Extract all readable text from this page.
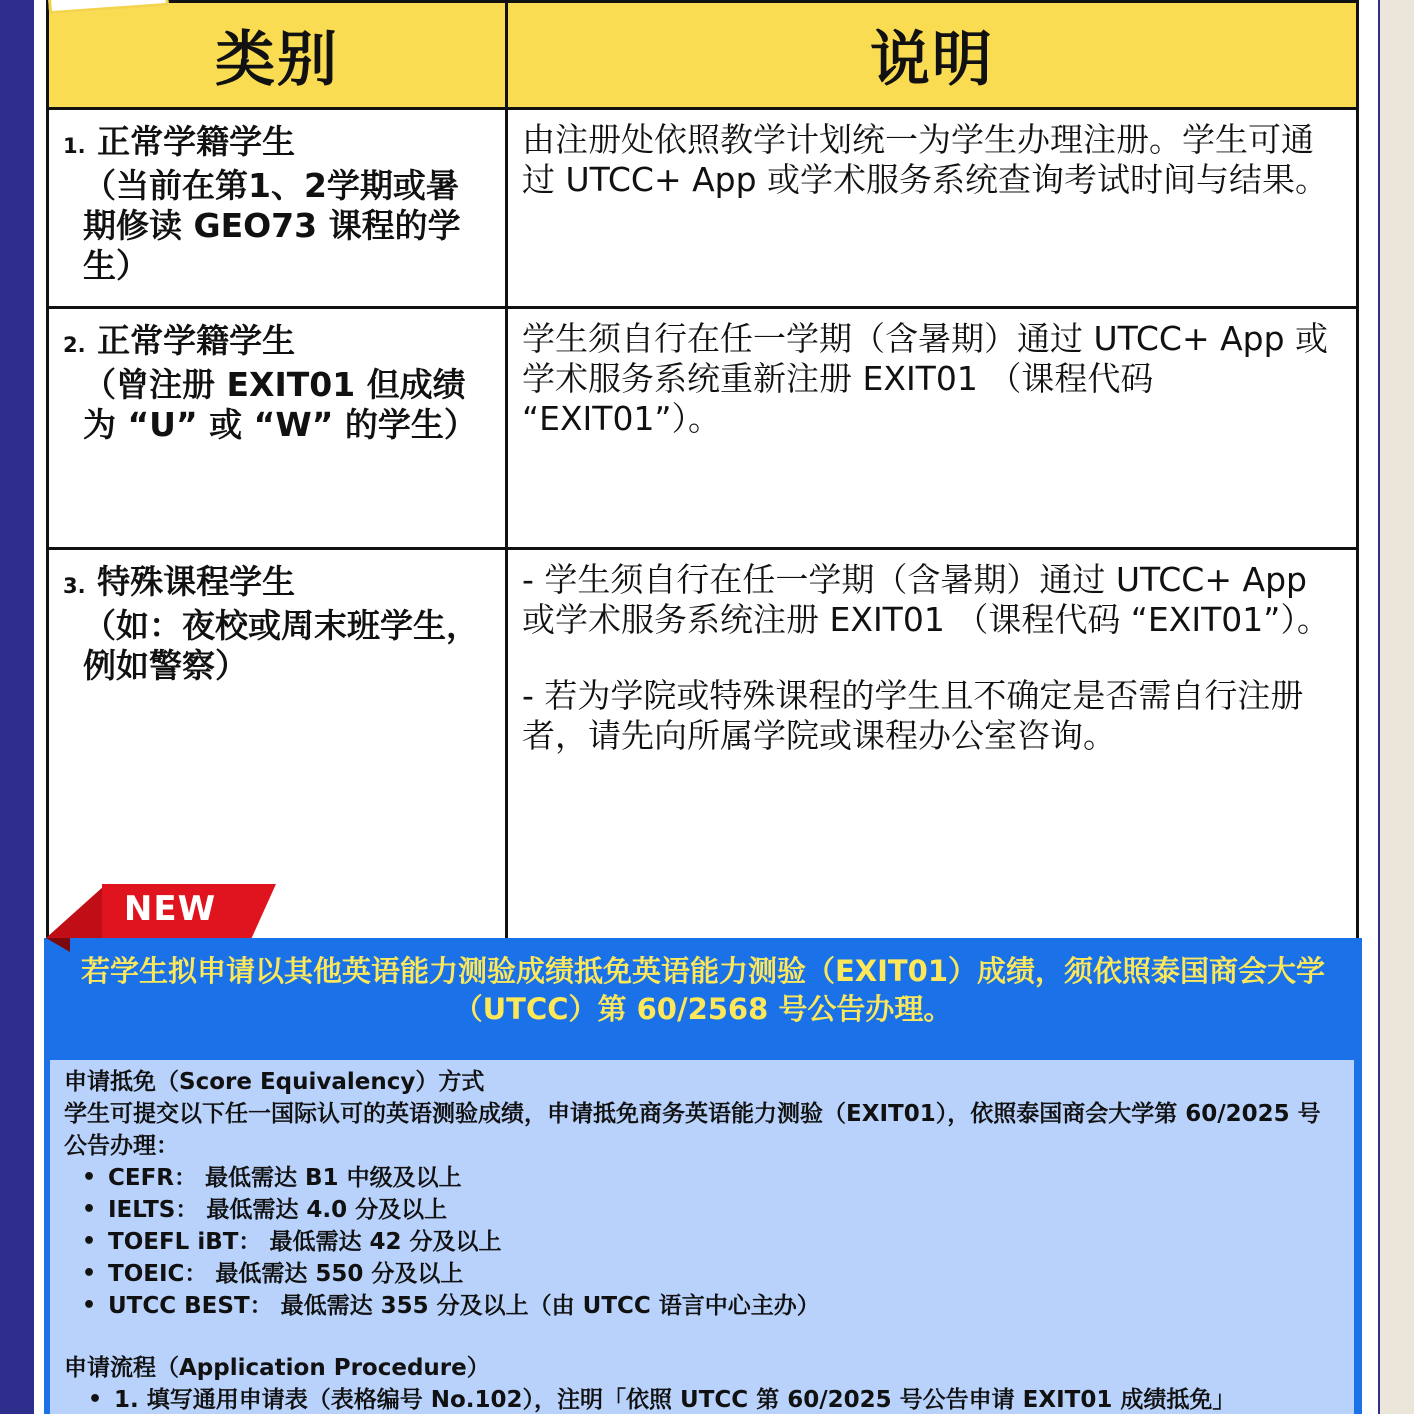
类别	说明
1. 正常学籍学生
（当前在第1、2学期或暑期修读 GEO73 课程的学生）

由注册处依照教学计划统一为学生办理注册。学生可通过 UTCC+ App 或学术服务系统查询考试时间与结果。

2. 正常学籍学生
（曾注册 EXIT01 但成绩为 “U” 或 “W” 的学生）

学生须自行在任一学期（含暑期）通过 UTCC+ App 或学术服务系统重新注册 EXIT01 （课程代码 “EXIT01”）。

3. 特殊课程学生
（如：夜校或周末班学生，例如警察）

- 学生须自行在任一学期（含暑期）通过 UTCC+ App 或学术服务系统注册 EXIT01 （课程代码 “EXIT01”）。

- 若为学院或特殊课程的学生且不确定是否需自行注册者，请先向所属学院或课程办公室咨询。

若学生拟申请以其他英语能力测验成绩抵免英语能力测验（EXIT01）成绩，须依照泰国商会大学（UTCC）第 60/2568 号公告办理。
申请抵免（Score Equivalency）方式
学生可提交以下任一国际认可的英语测验成绩，申请抵免商务英语能力测验（EXIT01），依照泰国商会大学第 60/2025 号公告办理：
• CEFR： 最低需达 B1 中级及以上
• IELTS： 最低需达 4.0 分及以上
• TOEFL iBT： 最低需达 42 分及以上
• TOEIC： 最低需达 550 分及以上
• UTCC BEST： 最低需达 355 分及以上（由 UTCC 语言中心主办）
申请流程（Application Procedure）
• 1. 填写通用申请表（表格编号 No.102），注明「依照 UTCC 第 60/2025 号公告申请 EXIT01 成绩抵免」
NEW
